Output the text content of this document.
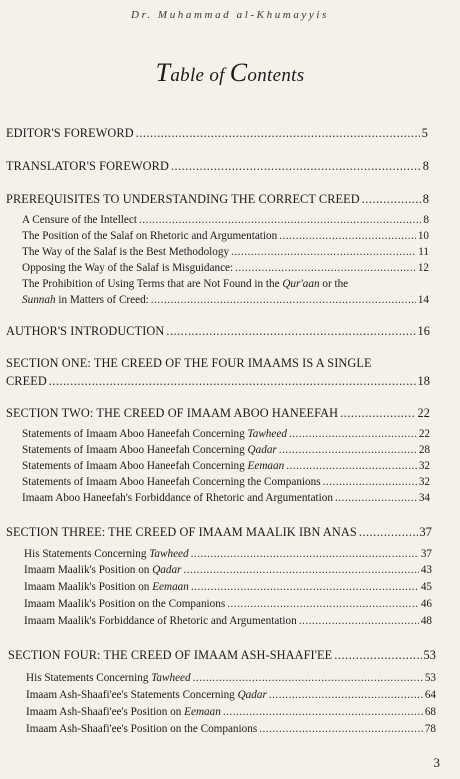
Dr. Muhammad al-Khumayyis
Table of Contents
EDITOR'S FOREWORD .....	5
TRANSLATOR'S FOREWORD .....	8
PREREQUISITES TO UNDERSTANDING THE CORRECT CREED .....	8
A Censure of the Intellect .....	8
The Position of the Salaf on Rhetoric and Argumentation .....	10
The Way of the Salaf is the Best Methodology .....	11
Opposing the Way of the Salaf is Misguidance: .....	12
The Prohibition of Using Terms that are Not Found in the Qur'aan or the
Sunnah in Matters of Creed: .....	14
AUTHOR'S INTRODUCTION .....	16
SECTION ONE: THE CREED OF THE FOUR IMAAMS IS A SINGLE
CREED .....	18
SECTION TWO: THE CREED OF IMAAM ABOO HANEEFAH .....	22
Statements of Imaam Aboo Haneefah Concerning Tawheed .....	22
Statements of Imaam Aboo Haneefah Concerning Qadar .....	28
Statements of Imaam Aboo Haneefah Concerning Eemaan .....	32
Statements of Imaam Aboo Haneefah Concerning the Companions .....	32
Imaam Aboo Haneefah's Forbiddance of Rhetoric and Argumentation .....	34
SECTION THREE: THE CREED OF IMAAM MAALIK IBN ANAS .....	37
His Statements Concerning Tawheed .....	37
Imaam Maalik's Position on Qadar .....	43
Imaam Maalik's Position on Eemaan .....	45
Imaam Maalik's Position on the Companions .....	46
Imaam Maalik's Forbiddance of Rhetoric and Argumentation .....	48
SECTION FOUR: THE CREED OF IMAAM ASH-SHAAFI'EE .....	53
His Statements Concerning Tawheed .....	53
Imaam Ash-Shaafi'ee's Statements Concerning Qadar .....	64
Imaam Ash-Shaafi'ee's Position on Eemaan .....	68
Imaam Ash-Shaafi'ee's Position on the Companions .....	78
3
